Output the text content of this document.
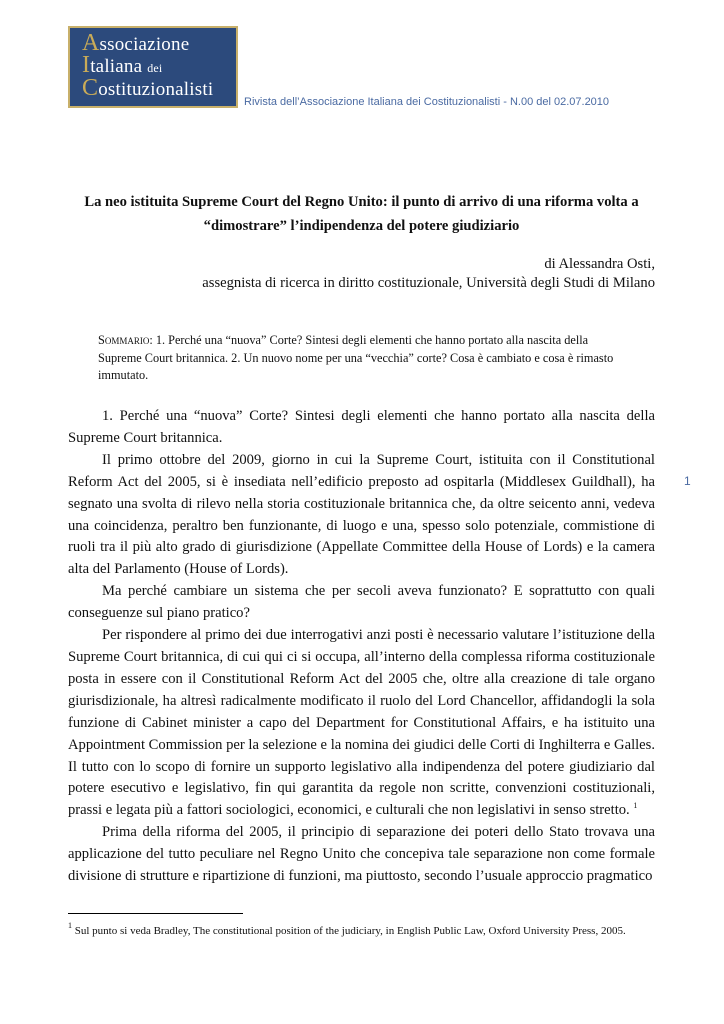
Associazione
Italiana dei
Costituzionalisti
Rivista dell’Associazione Italiana dei Costituzionalisti - N.00 del 02.07.2010
La neo istituita Supreme Court del Regno Unito: il punto di arrivo di una riforma volta a
“dimostrare” l’indipendenza del potere giudiziario
di Alessandra Osti,
assegnista di ricerca in diritto costituzionale, Università degli Studi di Milano
Sommario: 1. Perché una “nuova” Corte? Sintesi degli elementi che hanno portato alla nascita della Supreme Court britannica. 2. Un nuovo nome per una “vecchia” corte? Cosa è cambiato e cosa è rimasto immutato.

1. Perché una “nuova” Corte? Sintesi degli elementi che hanno portato alla nascita della Supreme Court britannica.

Il primo ottobre del 2009, giorno in cui la Supreme Court, istituita con il Constitutional Reform Act del 2005, si è insediata nell’edificio preposto ad ospitarla (Middlesex Guildhall), ha segnato una svolta di rilevo nella storia costituzionale britannica che, da oltre seicento anni, vedeva una coincidenza, peraltro ben funzionante, di luogo e una, spesso solo potenziale, commistione di ruoli tra il più alto grado di giurisdizione (Appellate Committee della House of Lords) e la camera alta del Parlamento (House of Lords).

Ma perché cambiare un sistema che per secoli aveva funzionato? E soprattutto con quali conseguenze sul piano pratico?

Per rispondere al primo dei due interrogativi anzi posti è necessario valutare l’istituzione della Supreme Court britannica, di cui qui ci si occupa, all’interno della complessa riforma costituzionale posta in essere con il Constitutional Reform Act del 2005 che, oltre alla creazione di tale organo giurisdizionale, ha altresì radicalmente modificato il ruolo del Lord Chancellor, affidandogli la sola funzione di Cabinet minister a capo del Department for Constitutional Affairs, e ha istituito una Appointment Commission per la selezione e la nomina dei giudici delle Corti di Inghilterra e Galles. Il tutto con lo scopo di fornire un supporto legislativo alla indipendenza del potere giudiziario dal potere esecutivo e legislativo, fin qui garantita da regole non scritte, convenzioni costituzionali, prassi e legata più a fattori sociologici, economici, e culturali che non legislativi in senso stretto. $^1$

Prima della riforma del 2005, il principio di separazione dei poteri dello Stato trovava una applicazione del tutto peculiare nel Regno Unito che concepiva tale separazione non come formale divisione di strutture e ripartizione di funzioni, ma piuttosto, secondo l’usuale approccio pragmatico

1
$^1$ Sul punto si veda Bradley, The constitutional position of the judiciary, in English Public Law, Oxford University Press, 2005.
